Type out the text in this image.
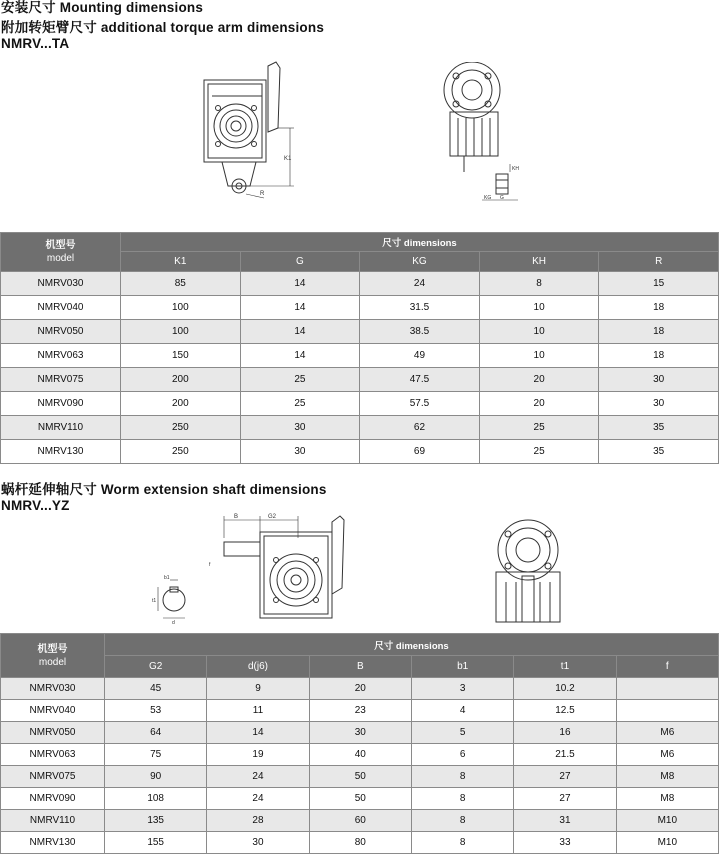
安装尺寸 Mounting dimensions
附加转矩臂尺寸 additional torque arm dimensions
NMRV...TA
K1
R
KH
KG G
机型号
model	尺寸 dimensions				
	K1	G	KG	KH	R
NMRV030	85	14	24	8	15
NMRV040	100	14	31.5	10	18
NMRV050	100	14	38.5	10	18
NMRV063	150	14	49	10	18
NMRV075	200	25	47.5	20	30
NMRV090	200	25	57.5	20	30
NMRV110	250	30	62	25	35
NMRV130	250	30	69	25	35
蜗杆延伸轴尺寸 Worm extension shaft dimensions
NMRV...YZ
B	G2
f
b1
t1
d
机型号
model	尺寸 dimensions					
	G2	d(j6)	B	b1	t1	f
NMRV030	45	9	20	3	10.2	
NMRV040	53	11	23	4	12.5	
NMRV050	64	14	30	5	16	M6
NMRV063	75	19	40	6	21.5	M6
NMRV075	90	24	50	8	27	M8
NMRV090	108	24	50	8	27	M8
NMRV110	135	28	60	8	31	M10
NMRV130	155	30	80	8	33	M10
